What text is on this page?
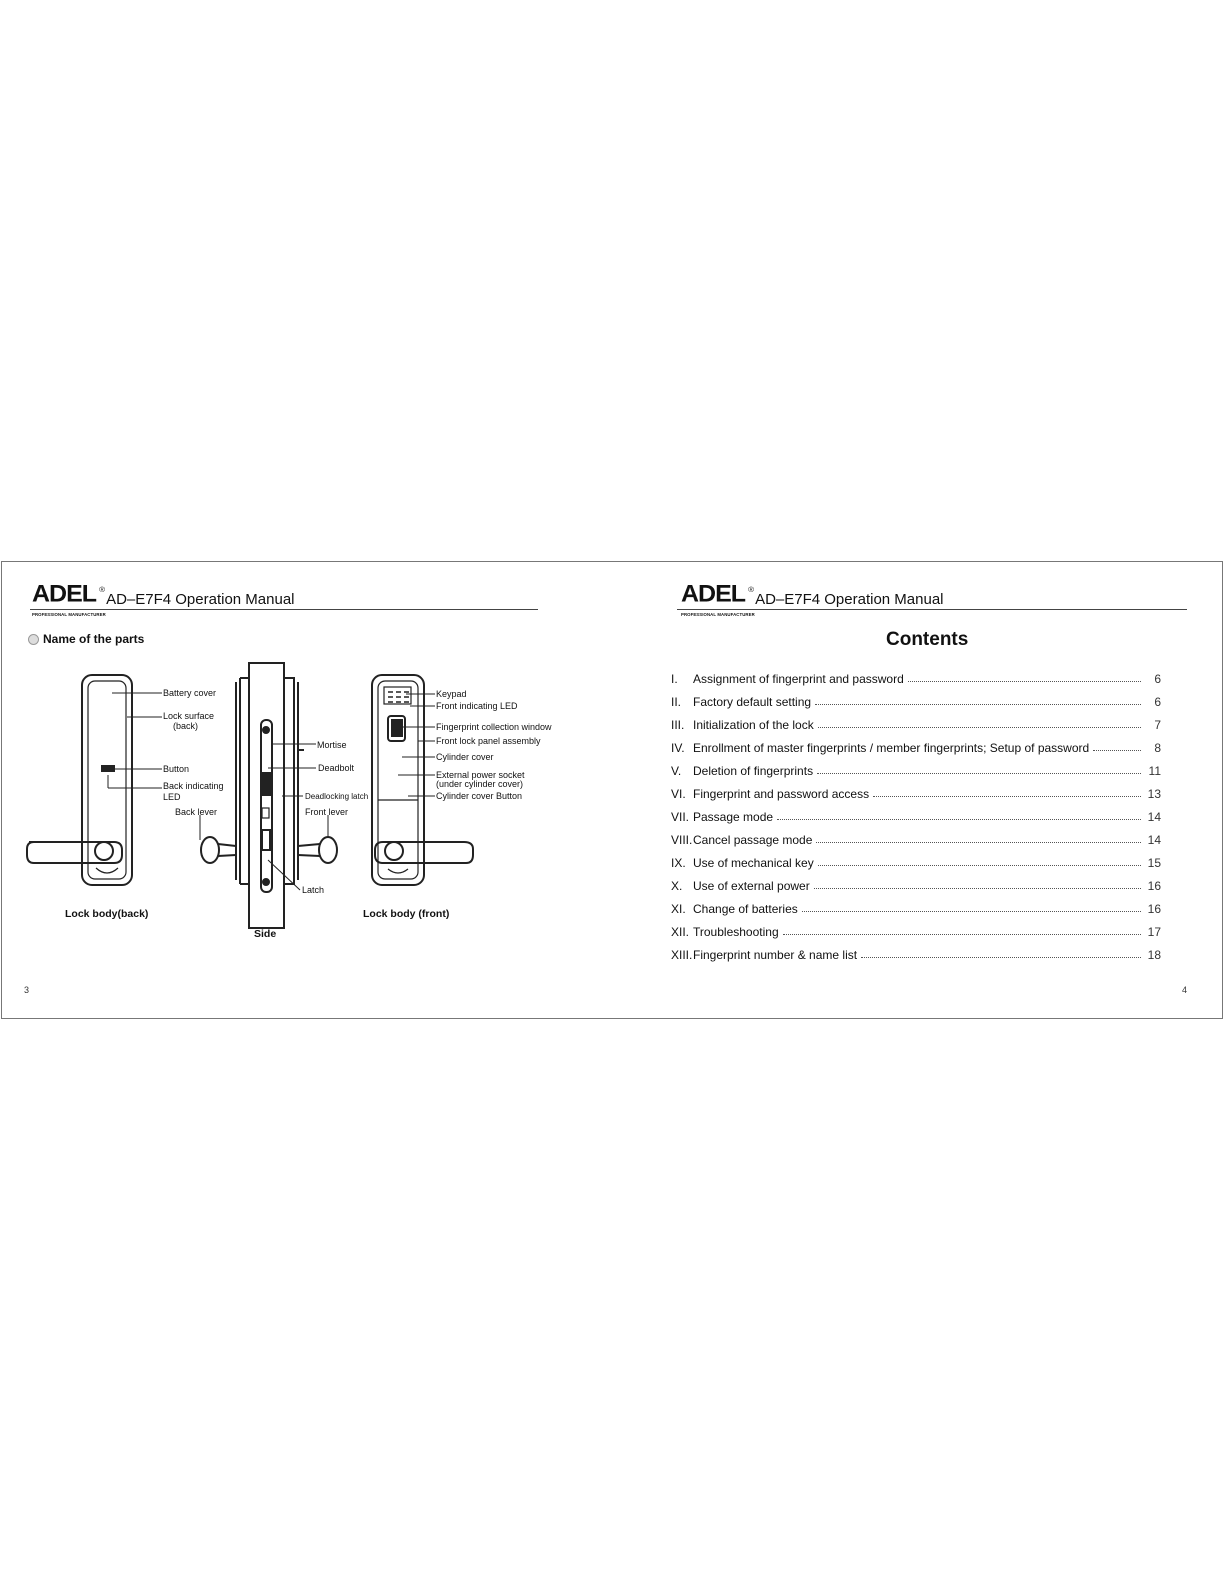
ADEL ®
PROFESSIONAL MANUFACTURER
AD–E7F4 Operation Manual	ADEL ®
PROFESSIONAL MANUFACTURER
AD–E7F4 Operation Manual
Name of the parts
Battery cover
Lock surface
(back)
Button
Back indicating
LED
Back lever
Mortise
Deadbolt
Deadlocking latch
Front lever
Latch
Keypad
Front indicating LED
Fingerprint collection window
Front lock panel assembly
Cylinder cover
External power socket
(under cylinder cover)
Cylinder cover Button
Lock body(back)
Side
Lock body (front)
3
Contents
I.	Assignment of fingerprint and password	6
II. Factory default setting	6
III. Initialization of the lock	7
IV. Enrollment of master fingerprints / member fingerprints; Setup of password	8
V. Deletion of fingerprints	11
VI. Fingerprint and password access	13
VII. Passage mode	14
VIII. Cancel passage mode	14
IX. Use of mechanical key	15
X. Use of external power	16
XI. Change of batteries	16
XII. Troubleshooting	17
XIII. Fingerprint number & name list	18
4
